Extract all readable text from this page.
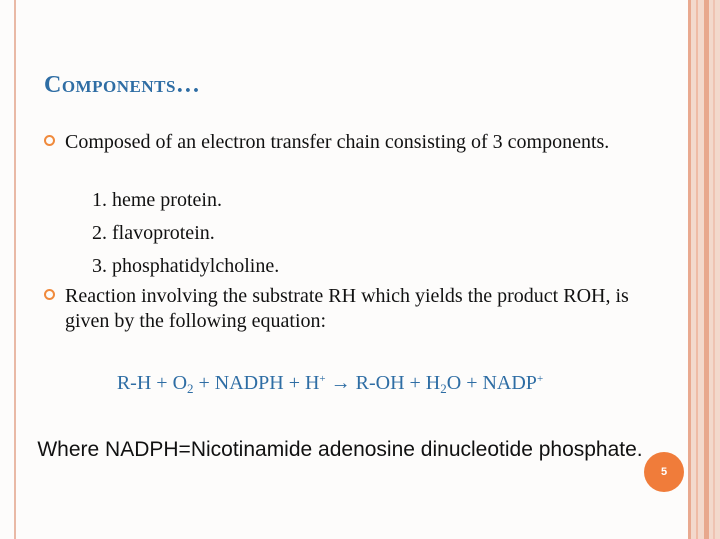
Components…
Composed of an electron transfer chain consisting of 3 components.
1. heme protein.
2. flavoprotein.
3. phosphatidylcholine.
Reaction involving the substrate RH which yields the product ROH, is given by the following equation:
$R-H + O_2$ + NADPH + $H^+ \to R-OH + H_2O$ + NADP+
Where NADPH=Nicotinamide adenosine dinucleotide phosphate.
5
